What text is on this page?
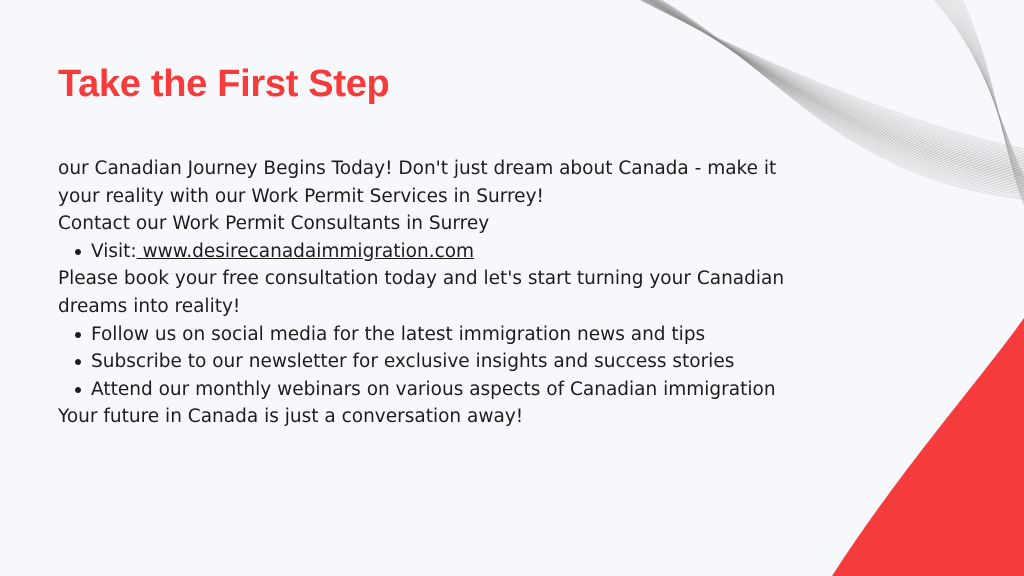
Take the First Step

our Canadian Journey Begins Today! Don't just dream about Canada - make it your reality with our Work Permit Services in Surrey!

Contact our Work Permit Consultants in Surrey

Visit: www.desirecanadaimmigration.com

Please book your free consultation today and let's start turning your Canadian dreams into reality!

Follow us on social media for the latest immigration news and tips
Subscribe to our newsletter for exclusive insights and success stories
Attend our monthly webinars on various aspects of Canadian immigration

Your future in Canada is just a conversation away!
